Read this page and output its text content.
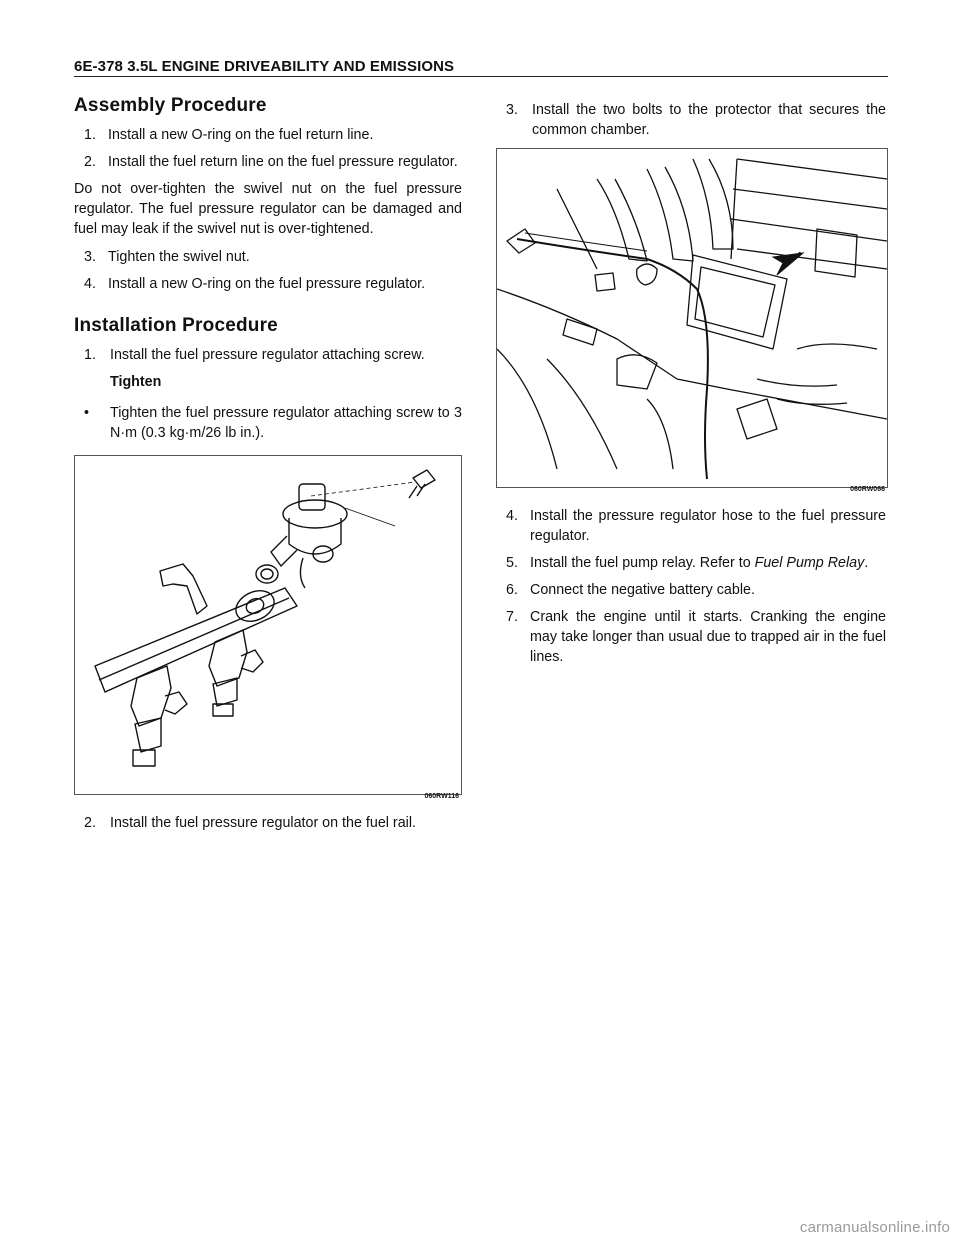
6E-378 3.5L ENGINE DRIVEABILITY AND EMISSIONS
Assembly Procedure
1. Install a new O-ring on the fuel return line.
2. Install the fuel return line on the fuel pressure regulator.

Do not over-tighten the swivel nut on the fuel pressure regulator. The fuel pressure regulator can be damaged and fuel may leak if the swivel nut is over-tightened.

3. Tighten the swivel nut.
4. Install a new O-ring on the fuel pressure regulator.
Installation Procedure
1. Install the fuel pressure regulator attaching screw.
Tighten
•	Tighten the fuel pressure regulator attaching screw to 3 N·m (0.3 kg·m/26 lb in.).
060RW116
2. Install the fuel pressure regulator on the fuel rail.
3. Install the two bolts to the protector that secures the common chamber.
060RW066
4. Install the pressure regulator hose to the fuel pressure regulator.
5. Install the fuel pump relay. Refer to Fuel Pump Relay.
6. Connect the negative battery cable.
7. Crank the engine until it starts. Cranking the engine may take longer than usual due to trapped air in the fuel lines.
carmanualsonline.info
